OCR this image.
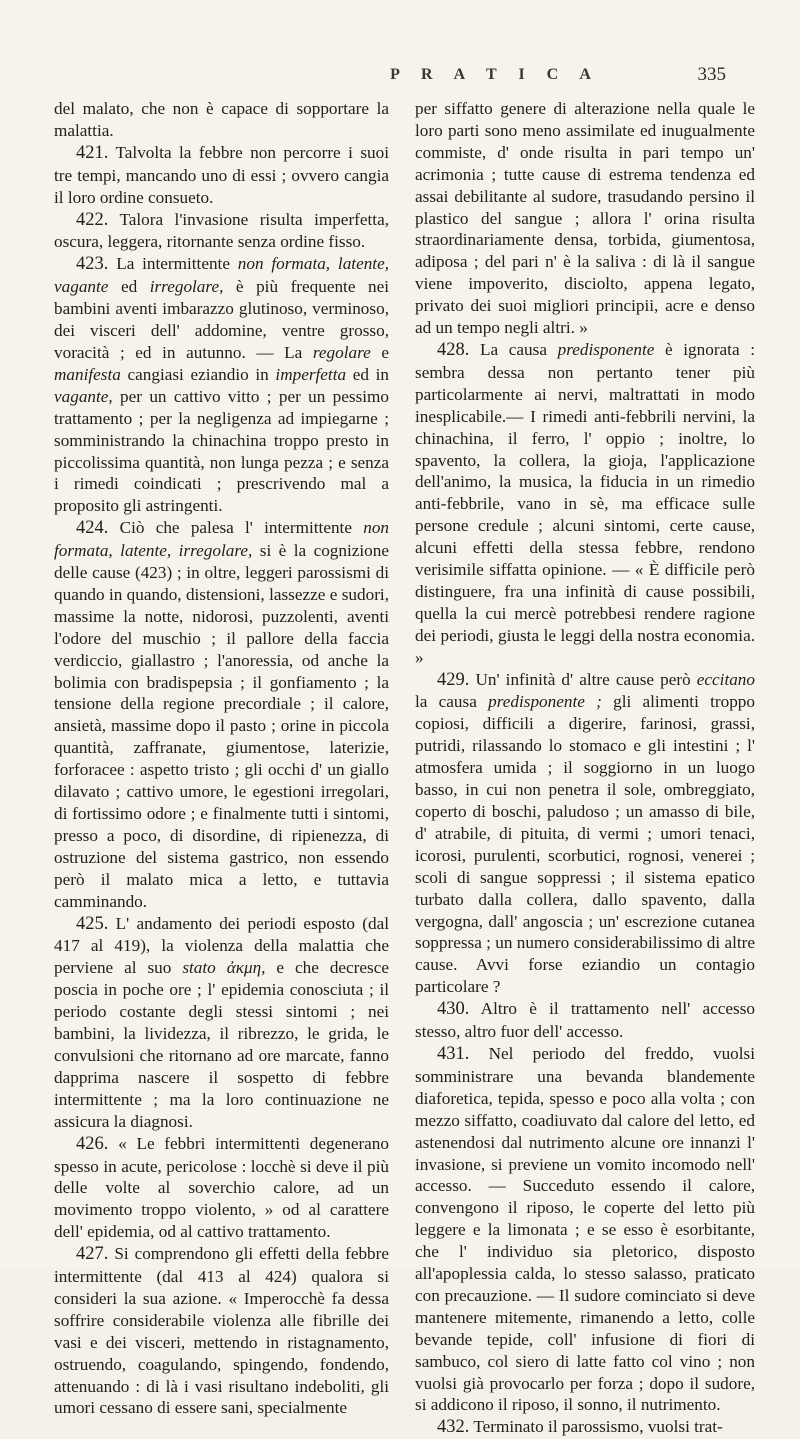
P R A T I C A	335

del malato, che non è capace di sopportare la malattia.

421. Talvolta la febbre non percorre i suoi tre tempi, mancando uno di essi ; ovvero cangia il loro ordine consueto.

422. Talora l'invasione risulta imperfetta, oscura, leggera, ritornante senza ordine fisso.

423. La intermittente non formata, latente, vagante ed irregolare, è più frequente nei bambini aventi imbarazzo glutinoso, verminoso, dei visceri dell' addomine, ventre grosso, voracità ; ed in autunno. — La regolare e manifesta cangiasi eziandio in imperfetta ed in vagante, per un cattivo vitto ; per un pessimo trattamento ; per la negligenza ad impiegarne ; somministrando la chinachina troppo presto in piccolissima quantità, non lunga pezza ; e senza i rimedi coindicati ; prescrivendo mal a proposito gli astringenti.

424. Ciò che palesa l' intermittente non formata, latente, irregolare, si è la cognizione delle cause (423) ; in oltre, leggeri parossismi di quando in quando, distensioni, lassezze e sudori, massime la notte, nidorosi, puzzolenti, aventi l'odore del muschio ; il pallore della faccia verdiccio, giallastro ; l'anoressia, od anche la bolimia con bradispepsia ; il gonfiamento ; la tensione della regione precordiale ; il calore, ansietà, massime dopo il pasto ; orine in piccola quantità, zaffranate, giumentose, laterizie, forforacee : aspetto tristo ; gli occhi d' un giallo dilavato ; cattivo umore, le egestioni irregolari, di fortissimo odore ; e finalmente tutti i sintomi, presso a poco, di disordine, di ripienezza, di ostruzione del sistema gastrico, non essendo però il malato mica a letto, e tuttavia camminando.

425. L' andamento dei periodi esposto (dal 417 al 419), la violenza della malattia che perviene al suo stato ἀκμη, e che decresce poscia in poche ore ; l' epidemia conosciuta ; il periodo costante degli stessi sintomi ; nei bambini, la lividezza, il ribrezzo, le grida, le convulsioni che ritornano ad ore marcate, fanno dapprima nascere il sospetto di febbre intermittente ; ma la loro continuazione ne assicura la diagnosi.

426. « Le febbri intermittenti degenerano spesso in acute, pericolose : locchè si deve il più delle volte al soverchio calore, ad un movimento troppo violento, » od al carattere dell' epidemia, od al cattivo trattamento.

427. Si comprendono gli effetti della febbre intermittente (dal 413 al 424) qualora si consideri la sua azione. « Imperocchè fa dessa soffrire considerabile violenza alle fibrille dei vasi e dei visceri, mettendo in ristagnamento, ostruendo, coagulando, spingendo, fondendo, attenuando : di là i vasi risultano indeboliti, gli umori cessano di essere sani, specialmente

per siffatto genere di alterazione nella quale le loro parti sono meno assimilate ed inugualmente commiste, d' onde risulta in pari tempo un' acrimonia ; tutte cause di estrema tendenza ed assai debilitante al sudore, trasudando persino il plastico del sangue ; allora l' orina risulta straordinariamente densa, torbida, giumentosa, adiposa ; del pari n' è la saliva : di là il sangue viene impoverito, disciolto, appena legato, privato dei suoi migliori principii, acre e denso ad un tempo negli altri. »

428. La causa predisponente è ignorata : sembra dessa non pertanto tener più particolarmente ai nervi, maltrattati in modo inesplicabile.— I rimedi anti-febbrili nervini, la chinachina, il ferro, l' oppio ; inoltre, lo spavento, la collera, la gioja, l'applicazione dell'animo, la musica, la fiducia in un rimedio anti-febbrile, vano in sè, ma efficace sulle persone credule ; alcuni sintomi, certe cause, alcuni effetti della stessa febbre, rendono verisimile siffatta opinione. — « È difficile però distinguere, fra una infinità di cause possibili, quella la cui mercè potrebbesi rendere ragione dei periodi, giusta le leggi della nostra economia. »

429. Un' infinità d' altre cause però eccitano la causa predisponente ; gli alimenti troppo copiosi, difficili a digerire, farinosi, grassi, putridi, rilassando lo stomaco e gli intestini ; l' atmosfera umida ; il soggiorno in un luogo basso, in cui non penetra il sole, ombreggiato, coperto di boschi, paludoso ; un amasso di bile, d' atrabile, di pituita, di vermi ; umori tenaci, icorosi, purulenti, scorbutici, rognosi, venerei ; scoli di sangue soppressi ; il sistema epatico turbato dalla collera, dallo spavento, dalla vergogna, dall' angoscia ; un' escrezione cutanea soppressa ; un numero considerabilissimo di altre cause. Avvi forse eziandio un contagio particolare ?

430. Altro è il trattamento nell' accesso stesso, altro fuor dell' accesso.

431. Nel periodo del freddo, vuolsi somministrare una bevanda blandemente diaforetica, tepida, spesso e poco alla volta ; con mezzo siffatto, coadiuvato dal calore del letto, ed astenendosi dal nutrimento alcune ore innanzi l' invasione, si previene un vomito incomodo nell' accesso. — Succeduto essendo il calore, convengono il riposo, le coperte del letto più leggere e la limonata ; e se esso è esorbitante, che l' individuo sia pletorico, disposto all'apoplessia calda, lo stesso salasso, praticato con precauzione. — Il sudore cominciato si deve mantenere mitemente, rimanendo a letto, colle bevande tepide, coll' infusione di fiori di sambuco, col siero di latte fatto col vino ; non vuolsi già provocarlo per forza ; dopo il sudore, si addicono il riposo, il sonno, il nutrimento.

432. Terminato il parossismo, vuolsi trat-
